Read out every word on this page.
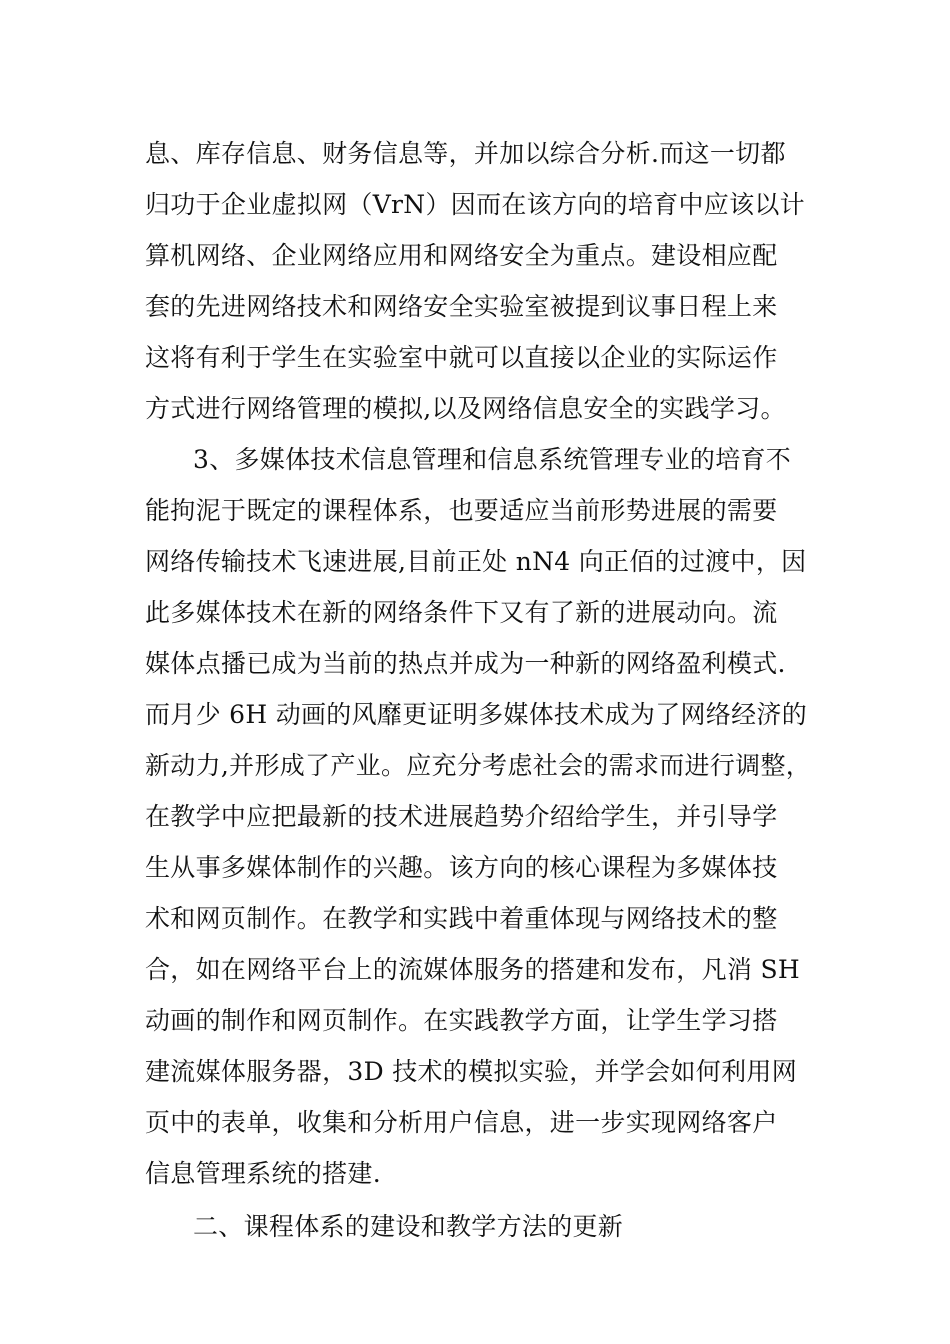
息、库存信息、财务信息等，并加以综合分析.而这一切都
归功于企业虚拟网（VrN）因而在该方向的培育中应该以计
算机网络、企业网络应用和网络安全为重点。建设相应配
套的先进网络技术和网络安全实验室被提到议事日程上来
这将有利于学生在实验室中就可以直接以企业的实际运作
方式进行网络管理的模拟,以及网络信息安全的实践学习。
3、多媒体技术信息管理和信息系统管理专业的培育不
能拘泥于既定的课程体系，也要适应当前形势进展的需要
网络传输技术飞速进展,目前正处 nN4 向正佰的过渡中，因
此多媒体技术在新的网络条件下又有了新的进展动向。流
媒体点播已成为当前的热点并成为一种新的网络盈利模式.
而月少 6H 动画的风靡更证明多媒体技术成为了网络经济的
新动力,并形成了产业。应充分考虑社会的需求而进行调整，
在教学中应把最新的技术进展趋势介绍给学生，并引导学
生从事多媒体制作的兴趣。该方向的核心课程为多媒体技
术和网页制作。在教学和实践中着重体现与网络技术的整
合，如在网络平台上的流媒体服务的搭建和发布，凡消 SH
动画的制作和网页制作。在实践教学方面，让学生学习搭
建流媒体服务器，3D 技术的模拟实验，并学会如何利用网
页中的表单，收集和分析用户信息，进一步实现网络客户
信息管理系统的搭建.
二、课程体系的建设和教学方法的更新
